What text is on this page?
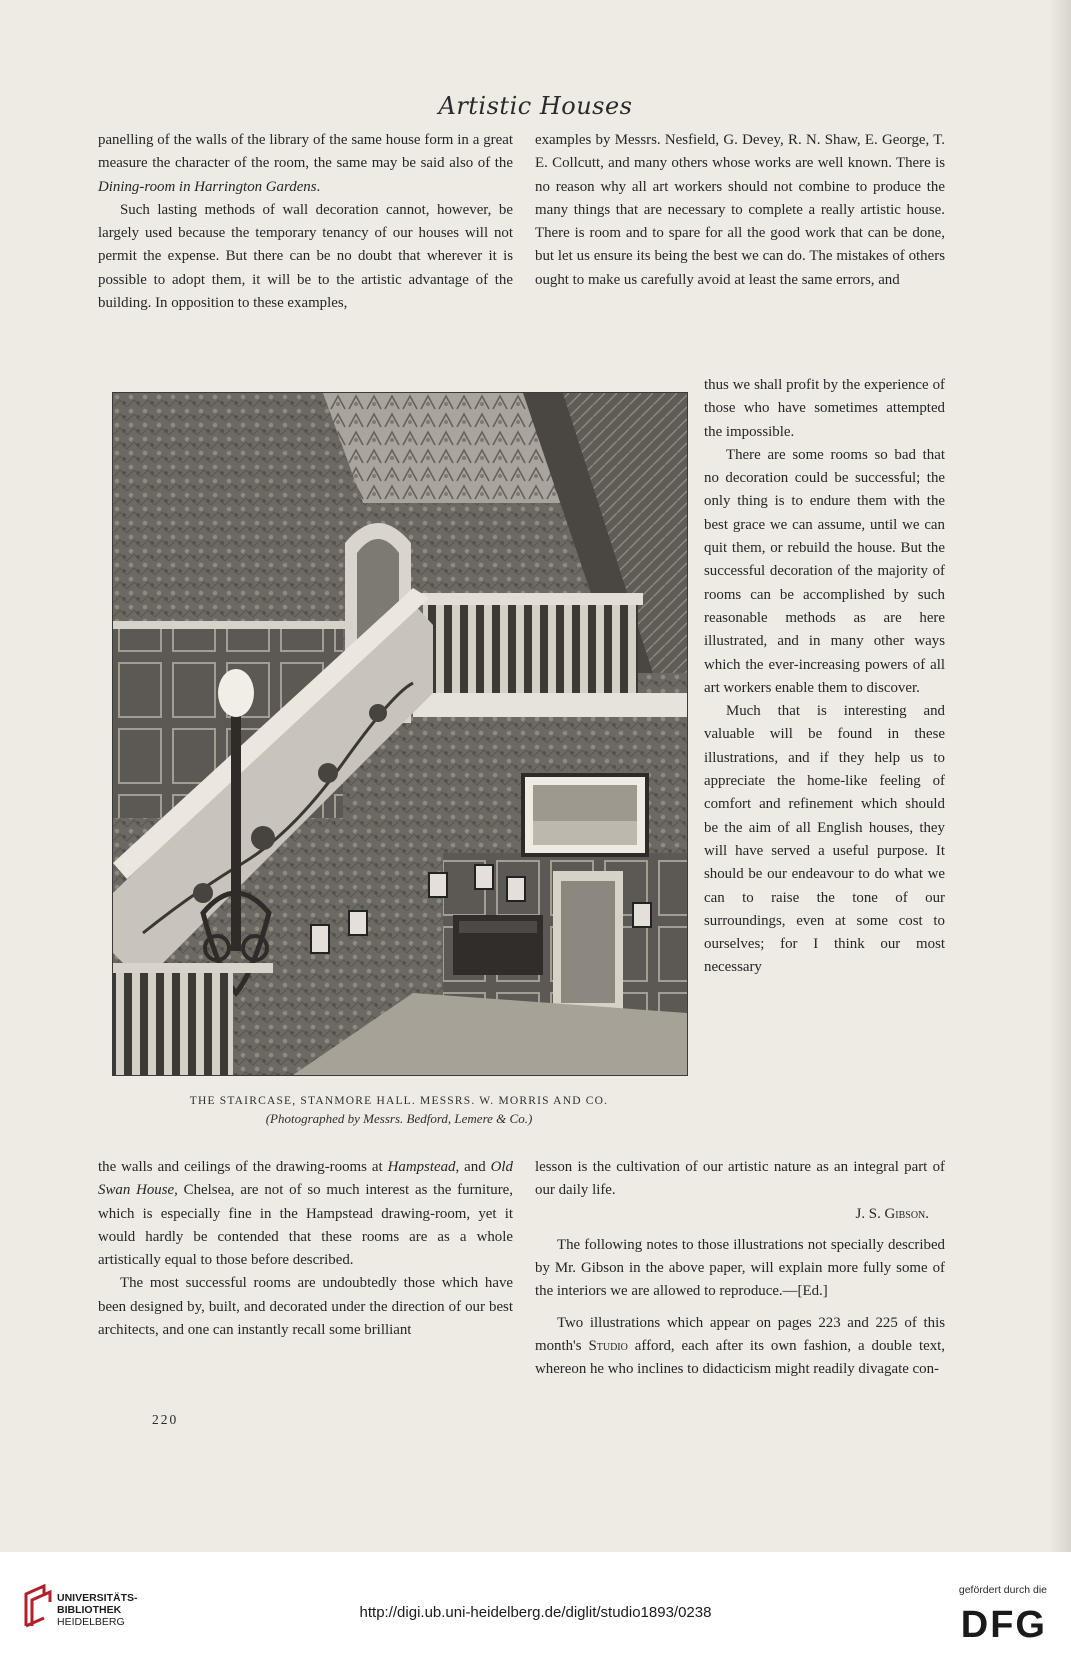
Artistic Houses

panelling of the walls of the library of the same house form in a great measure the character of the room, the same may be said also of the Dining-room in Harrington Gardens.

Such lasting methods of wall decoration cannot, however, be largely used because the temporary tenancy of our houses will not permit the expense. But there can be no doubt that wherever it is possible to adopt them, it will be to the artistic advantage of the building. In opposition to these examples,

examples by Messrs. Nesfield, G. Devey, R. N. Shaw, E. George, T. E. Collcutt, and many others whose works are well known. There is no reason why all art workers should not combine to produce the many things that are necessary to complete a really artistic house. There is room and to spare for all the good work that can be done, but let us ensure its being the best we can do. The mistakes of others ought to make us carefully avoid at least the same errors, and

thus we shall profit by the experience of those who have sometimes attempted the impossible.

There are some rooms so bad that no decoration could be successful; the only thing is to endure them with the best grace we can assume, until we can quit them, or rebuild the house. But the successful decoration of the majority of rooms can be accomplished by such reasonable methods as are here illustrated, and in many other ways which the ever-increasing powers of all art workers enable them to discover.

Much that is interesting and valuable will be found in these illustrations, and if they help us to appreciate the home-like feeling of comfort and refinement which should be the aim of all English houses, they will have served a useful purpose. It should be our endeavour to do what we can to raise the tone of our surroundings, even at some cost to ourselves; for I think our most necessary

THE STAIRCASE, STANMORE HALL. MESSRS. W. MORRIS AND CO.
(Photographed by Messrs. Bedford, Lemere & Co.)

the walls and ceilings of the drawing-rooms at Hampstead, and Old Swan House, Chelsea, are not of so much interest as the furniture, which is especially fine in the Hampstead drawing-room, yet it would hardly be contended that these rooms are as a whole artistically equal to those before described.

The most successful rooms are undoubtedly those which have been designed by, built, and decorated under the direction of our best architects, and one can instantly recall some brilliant

lesson is the cultivation of our artistic nature as an integral part of our daily life.

J. S. Gibson.

The following notes to those illustrations not specially described by Mr. Gibson in the above paper, will explain more fully some of the interiors we are allowed to reproduce.—[Ed.]

Two illustrations which appear on pages 223 and 225 of this month's Studio afford, each after its own fashion, a double text, whereon he who inclines to didacticism might readily divagate con-

220
UNIVERSITÄTS-
BIBLIOTHEK
HEIDELBERG
http://digi.ub.uni-heidelberg.de/diglit/studio1893/0238
gefördert durch die
DFG
